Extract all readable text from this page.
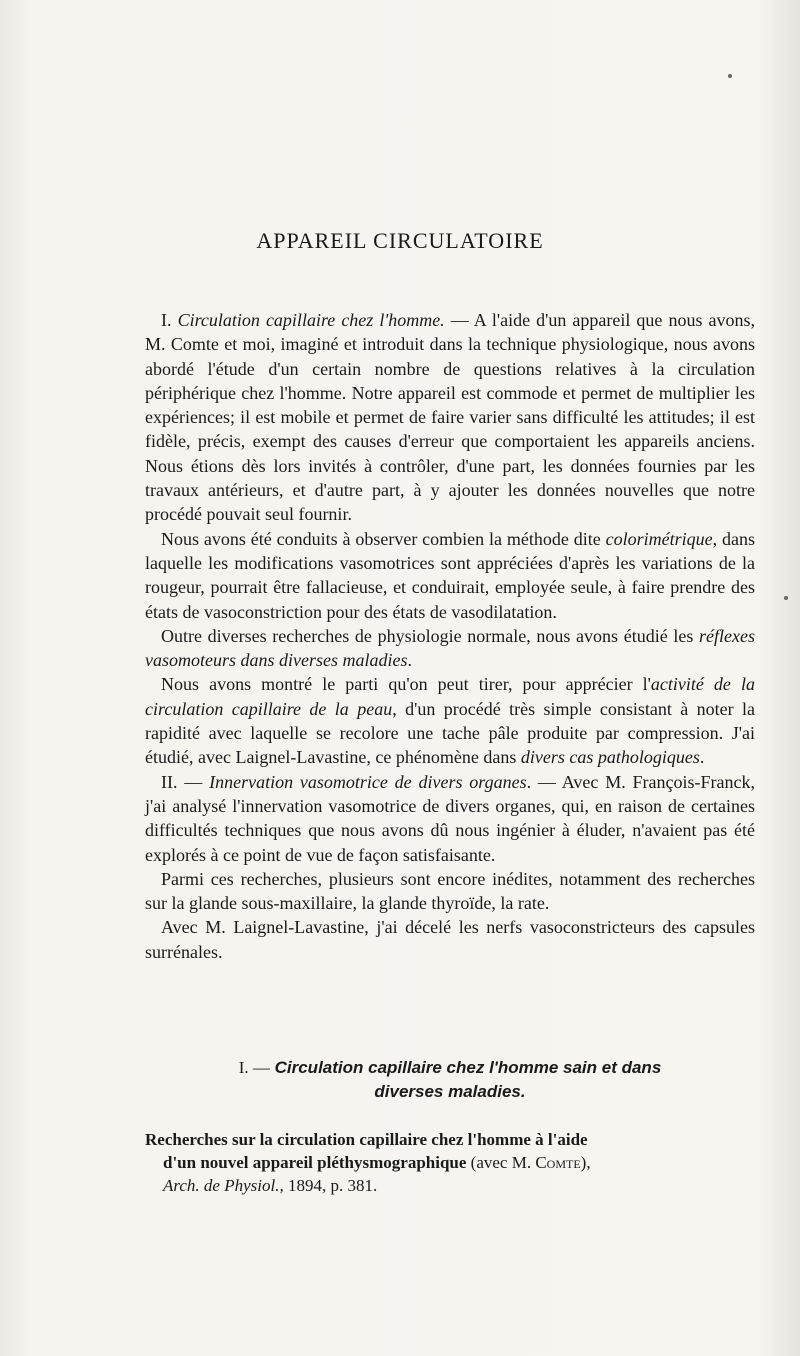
APPAREIL CIRCULATOIRE

I. Circulation capillaire chez l'homme. — A l'aide d'un appareil que nous avons, M. Comte et moi, imaginé et introduit dans la technique physiologique, nous avons abordé l'étude d'un certain nombre de questions relatives à la circulation périphérique chez l'homme. Notre appareil est commode et permet de multiplier les expériences; il est mobile et permet de faire varier sans difficulté les attitudes; il est fidèle, précis, exempt des causes d'erreur que comportaient les appareils anciens. Nous étions dès lors invités à contrôler, d'une part, les données fournies par les travaux antérieurs, et d'autre part, à y ajouter les données nouvelles que notre procédé pouvait seul fournir.

Nous avons été conduits à observer combien la méthode dite colorimétrique, dans laquelle les modifications vasomotrices sont appréciées d'après les variations de la rougeur, pourrait être fallacieuse, et conduirait, employée seule, à faire prendre des états de vasoconstriction pour des états de vasodilatation.

Outre diverses recherches de physiologie normale, nous avons étudié les réflexes vasomoteurs dans diverses maladies.

Nous avons montré le parti qu'on peut tirer, pour apprécier l'activité de la circulation capillaire de la peau, d'un procédé très simple consistant à noter la rapidité avec laquelle se recolore une tache pâle produite par compression. J'ai étudié, avec Laignel-Lavastine, ce phénomène dans divers cas pathologiques.

II. — Innervation vasomotrice de divers organes. — Avec M. François-Franck, j'ai analysé l'innervation vasomotrice de divers organes, qui, en raison de certaines difficultés techniques que nous avons dû nous ingénier à éluder, n'avaient pas été explorés à ce point de vue de façon satisfaisante.

Parmi ces recherches, plusieurs sont encore inédites, notamment des recherches sur la glande sous-maxillaire, la glande thyroïde, la rate.

Avec M. Laignel-Lavastine, j'ai décelé les nerfs vasoconstricteurs des capsules surrénales.

I. — Circulation capillaire chez l'homme sain et dans
diverses maladies.
Recherches sur la circulation capillaire chez l'homme à l'aide
d'un nouvel appareil pléthysmographique (avec M. Comte),
Arch. de Physiol., 1894, p. 381.
